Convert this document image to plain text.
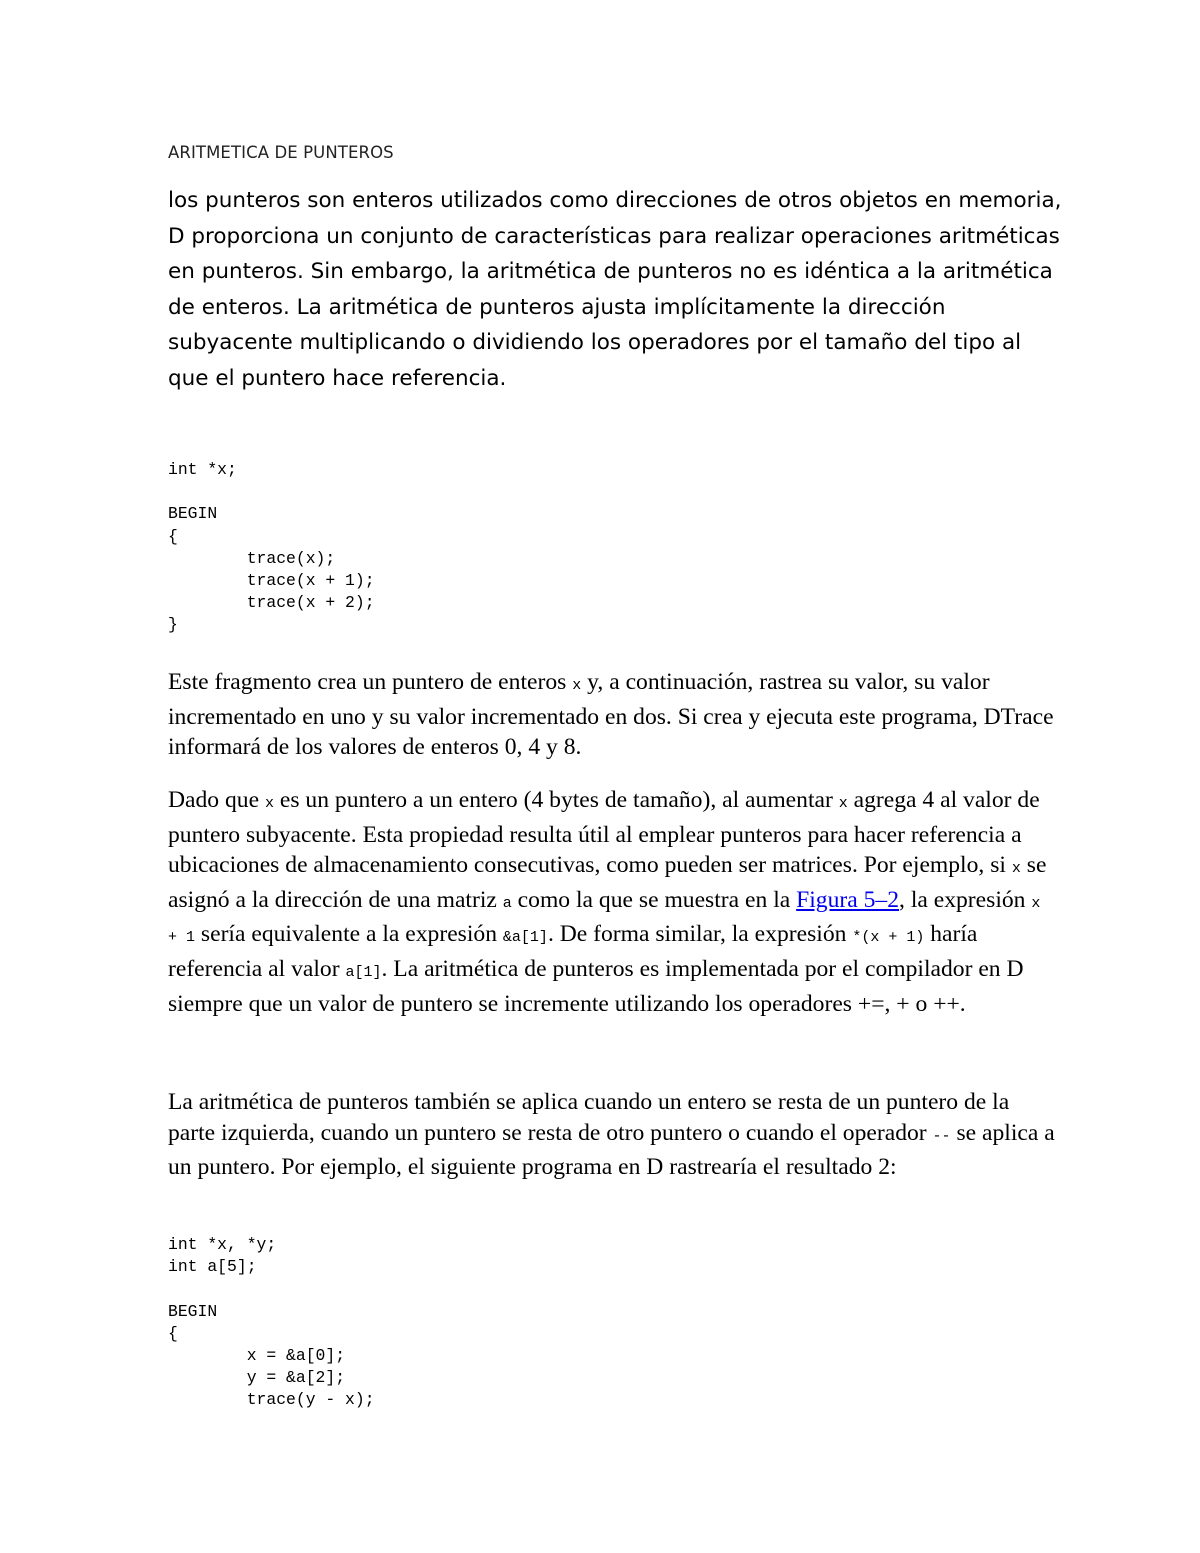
ARITMETICA DE PUNTEROS
los punteros son enteros utilizados como direcciones de otros objetos en memoria, D proporciona un conjunto de características para realizar operaciones aritméticas en punteros. Sin embargo, la aritmética de punteros no es idéntica a la aritmética de enteros. La aritmética de punteros ajusta implícitamente la dirección subyacente multiplicando o dividiendo los operadores por el tamaño del tipo al que el puntero hace referencia.
int *x;

BEGIN
{
trace(x);
trace(x + 1);
trace(x + 2);
}

Este fragmento crea un puntero de enteros x y, a continuación, rastrea su valor, su valor incrementado en uno y su valor incrementado en dos. Si crea y ejecuta este programa, DTrace informará de los valores de enteros 0, 4 y 8.

Dado que x es un puntero a un entero (4 bytes de tamaño), al aumentar x agrega 4 al valor de puntero subyacente. Esta propiedad resulta útil al emplear punteros para hacer referencia a ubicaciones de almacenamiento consecutivas, como pueden ser matrices. Por ejemplo, si x se asignó a la dirección de una matriz a como la que se muestra en la Figura 5–2, la expresión x + 1 sería equivalente a la expresión &a[1]. De forma similar, la expresión *(x + 1) haría referencia al valor a[1]. La aritmética de punteros es implementada por el compilador en D siempre que un valor de puntero se incremente utilizando los operadores +=, + o ++.

La aritmética de punteros también se aplica cuando un entero se resta de un puntero de la parte izquierda, cuando un puntero se resta de otro puntero o cuando el operador -- se aplica a un puntero. Por ejemplo, el siguiente programa en D rastrearía el resultado 2:

int *x, *y;
int a[5];

BEGIN
{
x = &a[0];
y = &a[2];
trace(y - x);
